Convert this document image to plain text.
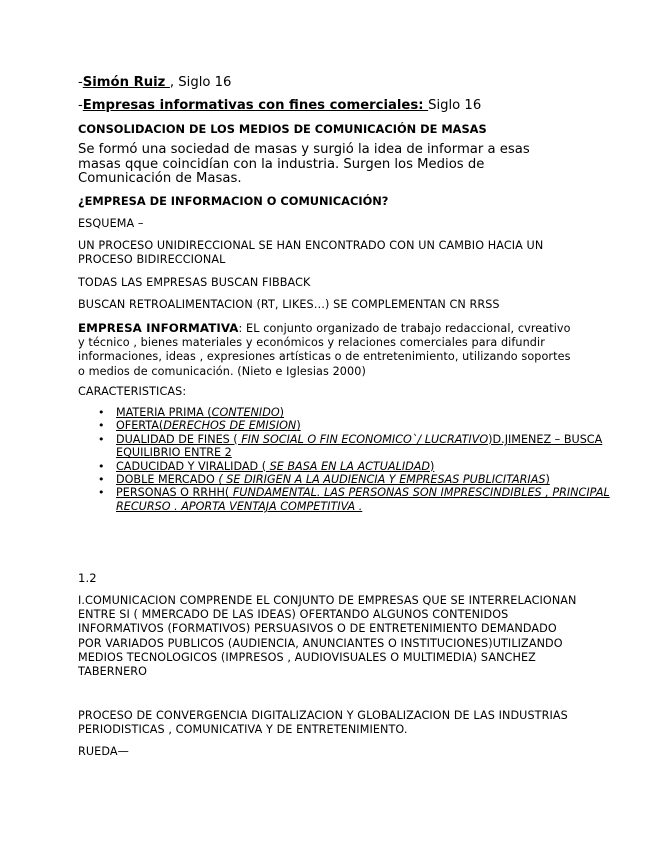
-Simón Ruiz , Siglo 16

-Empresas informativas con fines comerciales: Siglo 16

CONSOLIDACION DE LOS MEDIOS DE COMUNICACIÓN DE MASAS

Se formó una sociedad de masas y surgió la idea de informar a esas masas qque coincidían con la industria. Surgen los Medios de Comunicación de Masas.

¿EMPRESA DE INFORMACION O COMUNICACIÓN?

ESQUEMA –

UN PROCESO UNIDIRECCIONAL SE HAN ENCONTRADO CON UN CAMBIO HACIA UN PROCESO BIDIRECCIONAL

TODAS LAS EMPRESAS BUSCAN FIBBACK

BUSCAN RETROALIMENTACION (RT, LIKES…) SE COMPLEMENTAN CN RRSS

EMPRESA INFORMATIVA: EL conjunto organizado de trabajo redaccional, cvreativo y técnico , bienes materiales y económicos y relaciones comerciales para difundir informaciones, ideas , expresiones artísticas o de entretenimiento, utilizando soportes o medios de comunicación. (Nieto e Iglesias 2000)

CARACTERISTICAS:

• MATERIA PRIMA (CONTENIDO)
• OFERTA(DERECHOS DE EMISION)
• DUALIDAD DE FINES ( FIN SOCIAL O FIN ECONOMICO`/ LUCRATIVO)D.JIMENEZ – BUSCA EQUILIBRIO ENTRE 2
• CADUCIDAD Y VIRALIDAD ( SE BASA EN LA ACTUALIDAD)
• DOBLE MERCADO ( SE DIRIGEN A LA AUDIENCIA Y EMPRESAS PUBLICITARIAS)
• PERSONAS O RRHH( FUNDAMENTAL. LAS PERSONAS SON IMPRESCINDIBLES , PRINCIPAL RECURSO . APORTA VENTAJA COMPETITIVA .

1.2

I.COMUNICACION COMPRENDE EL CONJUNTO DE EMPRESAS QUE SE INTERRELACIONAN ENTRE SI ( MMERCADO DE LAS IDEAS) OFERTANDO ALGUNOS CONTENIDOS INFORMATIVOS (FORMATIVOS) PERSUASIVOS O DE ENTRETENIMIENTO DEMANDADO POR VARIADOS PUBLICOS (AUDIENCIA, ANUNCIANTES O INSTITUCIONES)UTILIZANDO MEDIOS TECNOLOGICOS (IMPRESOS , AUDIOVISUALES O MULTIMEDIA) SANCHEZ TABERNERO

PROCESO DE CONVERGENCIA DIGITALIZACION Y GLOBALIZACION DE LAS INDUSTRIAS PERIODISTICAS , COMUNICATIVA Y DE ENTRETENIMIENTO.

RUEDA—
